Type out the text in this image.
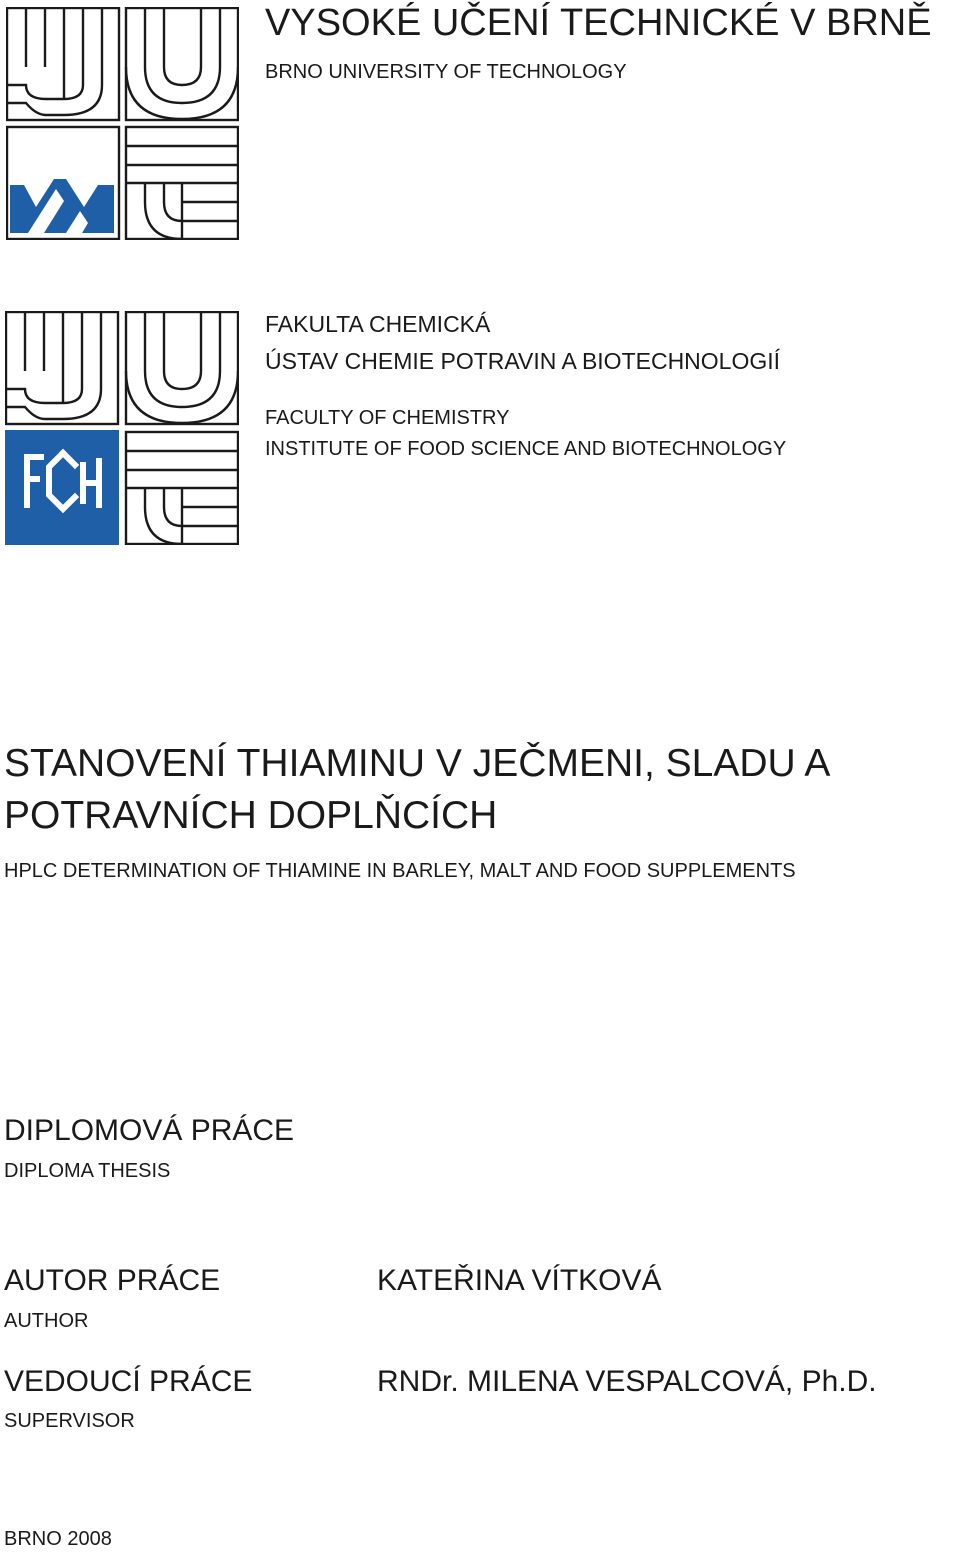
VYSOKÉ UČENÍ TECHNICKÉ V BRNĚ
BRNO UNIVERSITY OF TECHNOLOGY
FAKULTA CHEMICKÁ
ÚSTAV CHEMIE POTRAVIN A BIOTECHNOLOGIÍ
FACULTY OF CHEMISTRY
INSTITUTE OF FOOD SCIENCE AND BIOTECHNOLOGY
STANOVENÍ THIAMINU V JEČMENI, SLADU A
POTRAVNÍCH DOPLŇCÍCH
HPLC DETERMINATION OF THIAMINE IN BARLEY, MALT AND FOOD SUPPLEMENTS
DIPLOMOVÁ PRÁCE
DIPLOMA THESIS
AUTOR PRÁCE
AUTHOR
KATEŘINA VÍTKOVÁ
VEDOUCÍ PRÁCE
SUPERVISOR
RNDr. MILENA VESPALCOVÁ, Ph.D.
BRNO 2008
